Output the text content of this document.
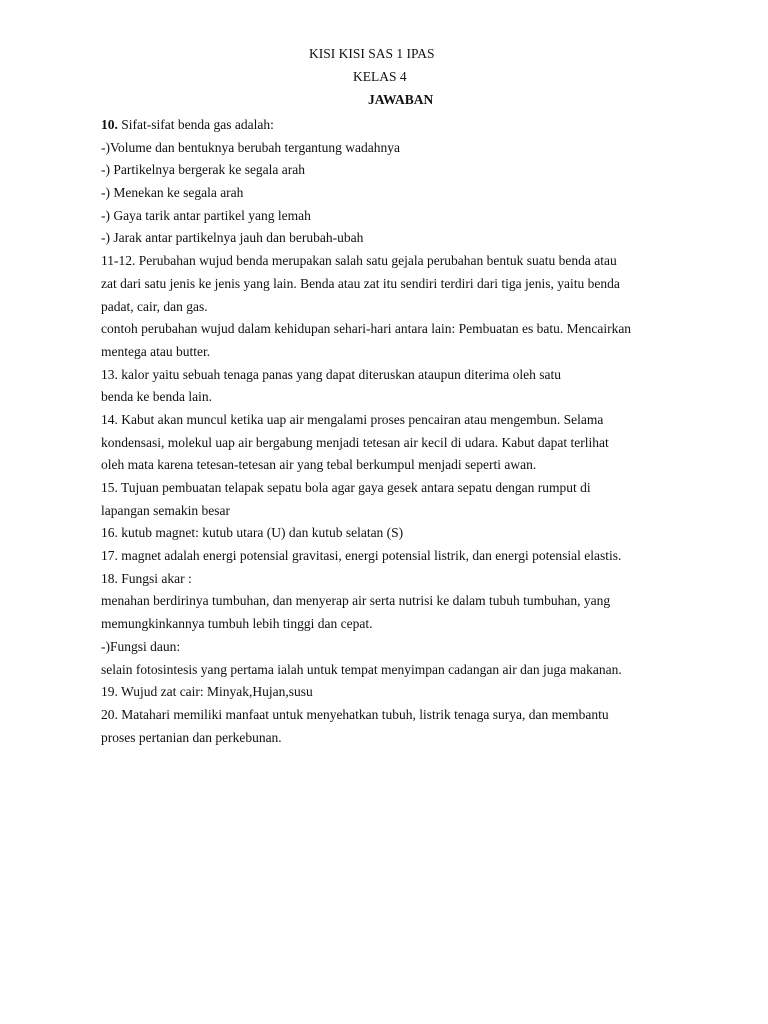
KISI KISI SAS 1 IPAS
KELAS 4
JAWABAN
10. Sifat-sifat benda gas adalah:
-)Volume dan bentuknya berubah tergantung wadahnya
-) Partikelnya bergerak ke segala arah
-) Menekan ke segala arah
-) Gaya tarik antar partikel yang lemah
-) Jarak antar partikelnya jauh dan berubah-ubah
11-12. Perubahan wujud benda merupakan salah satu gejala perubahan bentuk suatu benda atau
zat dari satu jenis ke jenis yang lain. Benda atau zat itu sendiri terdiri dari tiga jenis, yaitu benda
padat, cair, dan gas.
contoh perubahan wujud dalam kehidupan sehari-hari antara lain: Pembuatan es batu. Mencairkan
mentega atau butter.
13. kalor yaitu sebuah tenaga panas yang dapat diteruskan ataupun diterima oleh satu
benda ke benda lain.
14. Kabut akan muncul ketika uap air mengalami proses pencairan atau mengembun. Selama
kondensasi, molekul uap air bergabung menjadi tetesan air kecil di udara. Kabut dapat terlihat
oleh mata karena tetesan-tetesan air yang tebal berkumpul menjadi seperti awan.
15. Tujuan pembuatan telapak sepatu bola agar gaya gesek antara sepatu dengan rumput di
lapangan semakin besar
16. kutub magnet: kutub utara (U) dan kutub selatan (S)
17. magnet adalah energi potensial gravitasi, energi potensial listrik, dan energi potensial elastis.
18. Fungsi akar :
menahan berdirinya tumbuhan, dan menyerap air serta nutrisi ke dalam tubuh tumbuhan, yang
memungkinkannya tumbuh lebih tinggi dan cepat.
-)Fungsi daun:
selain fotosintesis yang pertama ialah untuk tempat menyimpan cadangan air dan juga makanan.
19. Wujud zat cair: Minyak,Hujan,susu
20. Matahari memiliki manfaat untuk menyehatkan tubuh, listrik tenaga surya, dan membantu
proses pertanian dan perkebunan.
